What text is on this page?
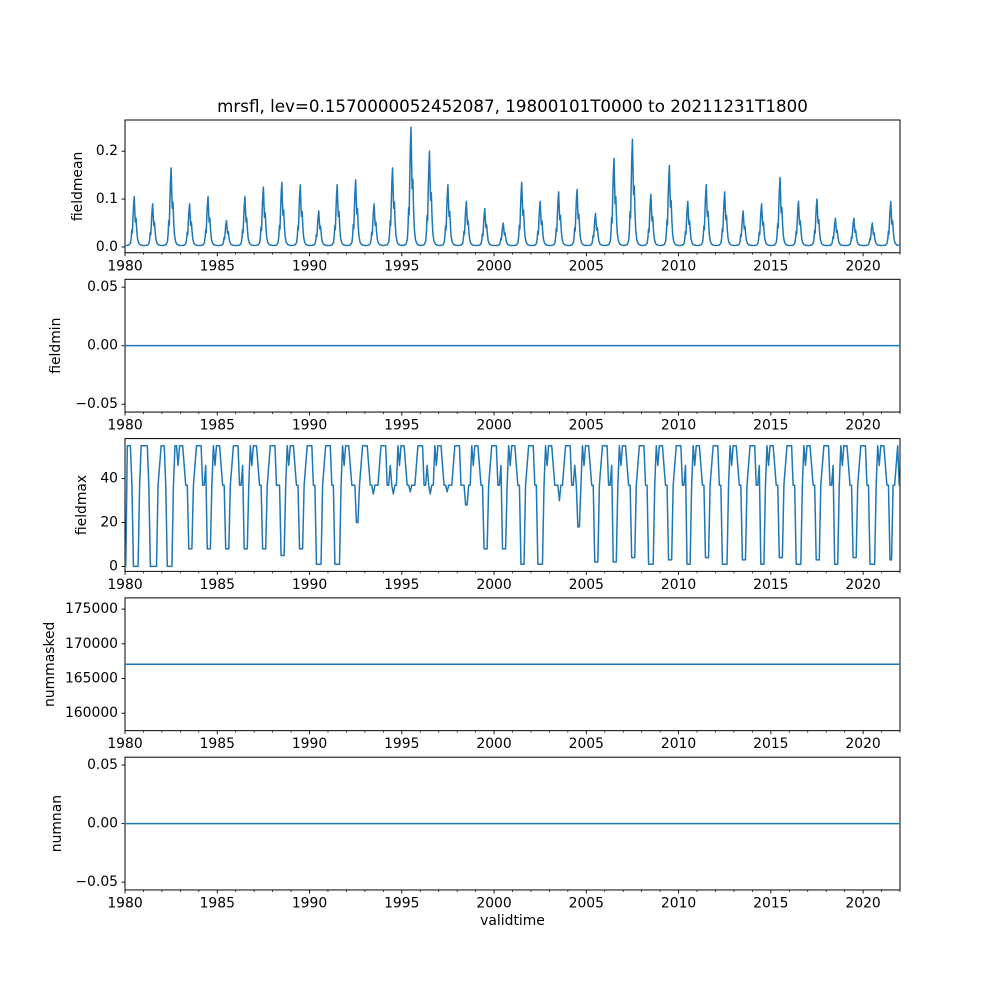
mrsfl, lev=0.1570000052452087, 19800101T0000 to 20211231T1800
1980	1985	1990	1995	2000	2005	2010	2015	2020
0.0
0.1
0.2
fieldmean
1980	1985	1990	1995	2000	2005	2010	2015	2020
−0.05
0.00
0.05
fieldmin
1980	1985	1990	1995	2000	2005	2010	2015	2020
0
20
40
fieldmax
1980	1985	1990	1995	2000	2005	2010	2015	2020
160000
165000
170000
175000
nummasked
1980	1985	1990	1995	2000	2005	2010	2015	2020
−0.05
0.00
0.05
numnan
validtime
